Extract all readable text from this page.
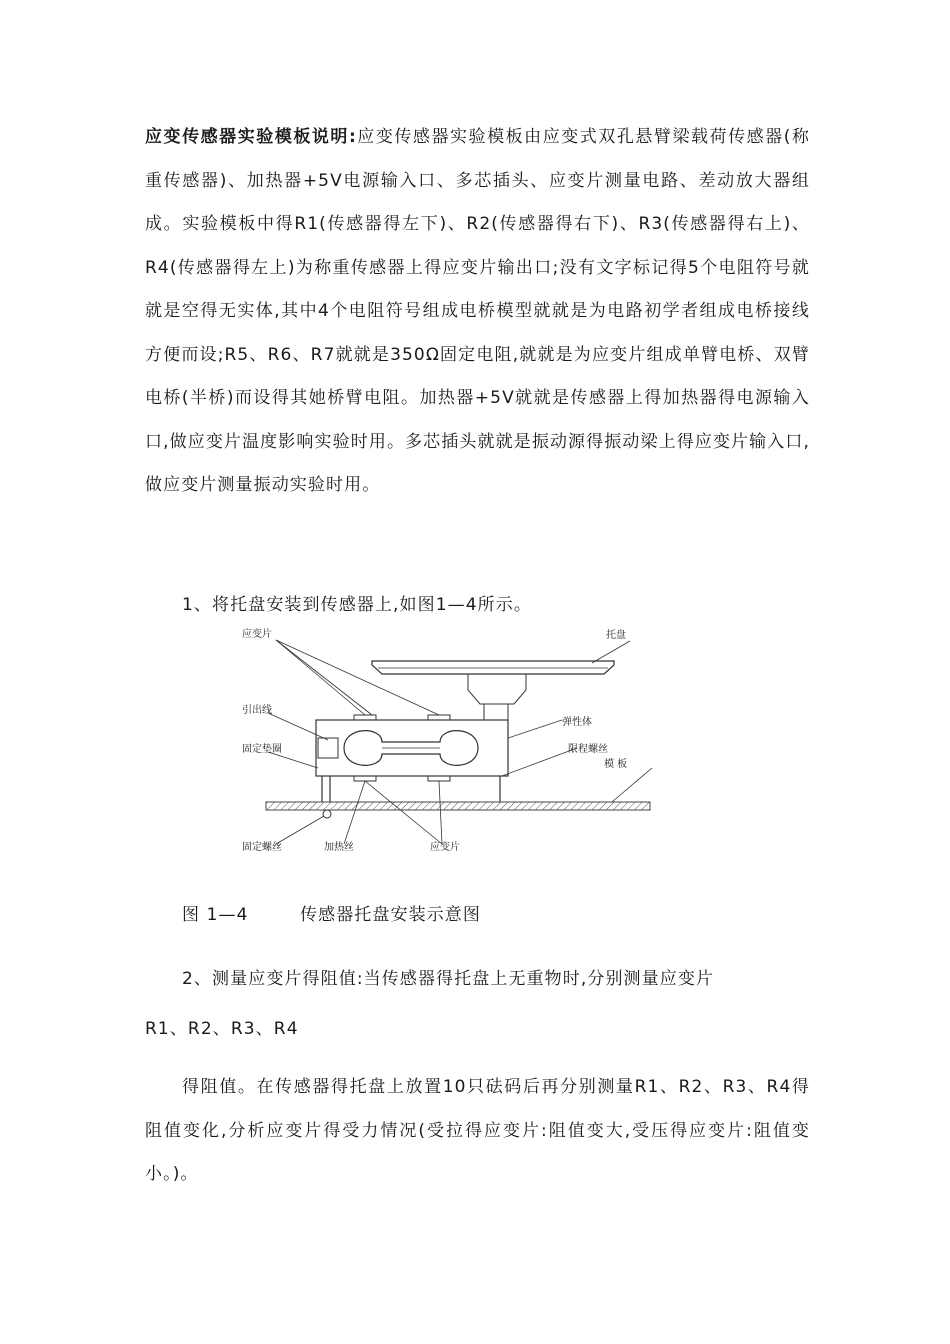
应变传感器实验模板说明:应变传感器实验模板由应变式双孔悬臂梁载荷传感器(称重传感器)、加热器+5V电源输入口、多芯插头、应变片测量电路、差动放大器组成。实验模板中得R1(传感器得左下)、R2(传感器得右下)、R3(传感器得右上)、R4(传感器得左上)为称重传感器上得应变片输出口;没有文字标记得5个电阻符号就就是空得无实体,其中4个电阻符号组成电桥模型就就是为电路初学者组成电桥接线方便而设;R5、R6、R7就就是350Ω固定电阻,就就是为应变片组成单臂电桥、双臂电桥(半桥)而设得其她桥臂电阻。加热器+5V就就是传感器上得加热器得电源输入口,做应变片温度影响实验时用。多芯插头就就是振动源得振动梁上得应变片输入口,做应变片测量振动实验时用。

1、将托盘安装到传感器上,如图1—4所示。

应变片	托盘
引出线
弹性体
固定垫圈	限程螺丝
模 板
固定螺丝	加热丝	应变片

图 1—4	传感器托盘安装示意图

2、测量应变片得阻值:当传感器得托盘上无重物时,分别测量应变片

R1、R2、R3、R4

得阻值。在传感器得托盘上放置10只砝码后再分别测量R1、R2、R3、R4得阻值变化,分析应变片得受力情况(受拉得应变片:阻值变大,受压得应变片:阻值变小。)。
